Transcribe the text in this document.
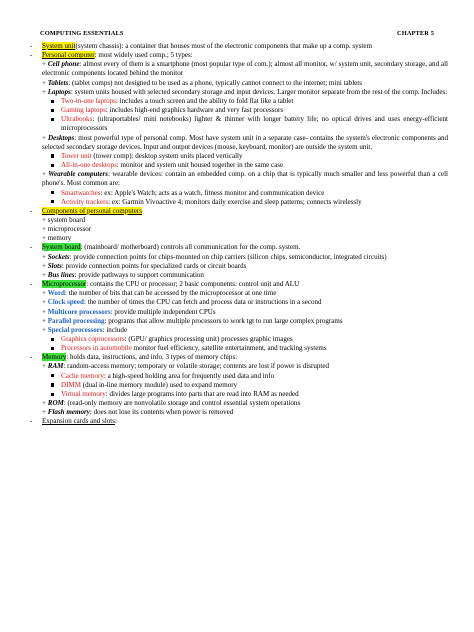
COMPUTING ESSENTIALS	CHAPTER 5
- System unit(system chassis): a container that houses most of the electronic components that make up a comp. system
- Personal computer: most widely used comp.; 5 types:
+ Cell phone: almost every of them is a smartphone (most popular type of com.); almost all monitor, w/ system unit, secondary storage, and all electronic components located behind the monitor
+ Tablets: (tablet comps) not designed to be used as a phone, typically cannot connect to the internet; mini tablets
+ Laptops: system units housed with selected secondary storage and input devices. Larger monitor separate from the rest of the comp. Includes:
Two-in-one laptops: includes a touch screen and the ability to fold flat like a tablet
Gaming laptops: includes high-end graphics hardware and very fast processors
Ultrabooks: (ultraportables/ mini notebooks) lighter & thinner with longer battery life; no optical drives and uses energy-efficient microprocessors
+ Desktops: most powerful type of personal comp. Most have system unit in a separate case- contains the system's electronic components and selected secondary storage devices. Input and output devices (mouse, keyboard, monitor) are outside the system unit.
Tower unit (tower comp): desktop system units placed vertically
All-in-one desktops: monitor and system unit housed together in the same case
+ Wearable computers: wearable devices: contain an embedded comp. on a chip that is typically much smaller and less powerful than a cell phone's. Most common are:
Smartwatches: ex: Apple's Watch; acts as a watch, fitness monitor and communication device
Activity trackers: ex: Garmin Vivoactive 4; monitors daily exercise and sleep patterns; connects wirelessly
- Components of personal computers
+ system board
+ microprocessor
+ memory
- System board: (mainboard/ motherboard) controls all communication for the comp. system.
+ Sockets: provide connection points for chips-mounted on chip carriers (silicon chips, semiconductor, integrated circuits)
+ Slots: provide connection points for specialized cards or circuit boards
+ Bus lines: provide pathways to support communication
- Microprocessor: contains the CPU or processor; 2 basic components: control unit and ALU
+ Word: the number of bits that can be accessed by the microprocessor at one time
+ Clock speed: the number of times the CPU can fetch and process data or instructions in a second
+ Multicore processors: provide multiple independent CPUs
+ Parallel processing: programs that allow multiple processors to work tgt to run large complex programs
+ Special processors: include
Graphics coprocessors: (GPU/ graphics processing unit) processes graphic images
Processors in automobile monitor fuel efficiency, satellite entertainment, and tracking systems
- Memory: holds data, instructions, and info. 3 types of memory chips:
+ RAM: random-access memory; temporary or volatile storage; contents are lost if power is disrupted
Cache memory: a high-speed holding area for frequently used data and info
DIMM (dual in-line memory module) used to expand memory
Virtual memory: divides large programs into parts that are read into RAM as needed
+ ROM: (read-only memory are nonvolatile storage and control essential system operations
+ Flash memory: does not lose its contents when power is removed
- Expansion cards and slots:
